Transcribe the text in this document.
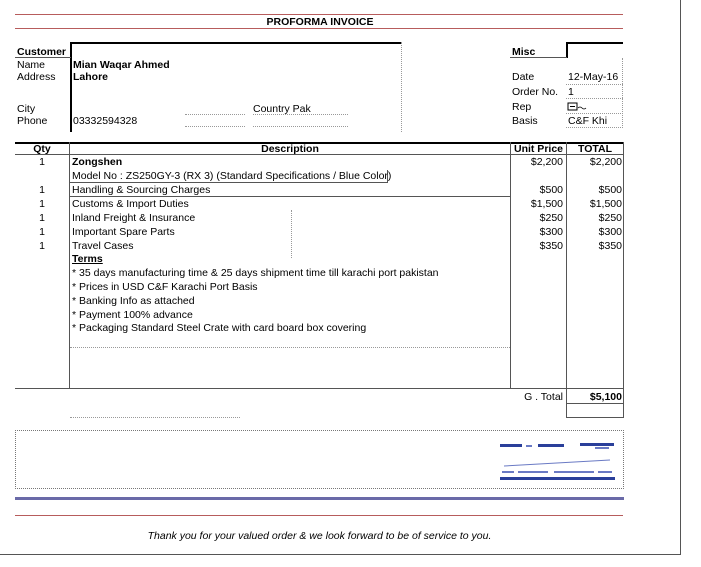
PROFORMA INVOICE
Customer
Name	Mian Waqar Ahmed
Address Lahore
City	Country Pak
Phone 03332594328
Misc
Date	12-May-16
Order No. 1
Rep
Basis	C&F Khi
Qty	Description	Unit Price	TOTAL
1	Zongshen	$2,200	$2,200
Model No : ZS250GY-3 (RX 3) (Standard Specifications / Blue Color)
1	Handling & Sourcing Charges	$500	$500
1	Customs & Import Duties	$1,500	$1,500
1	Inland Freight & Insurance	$250	$250
1	Important Spare Parts	$300	$300
1	Travel Cases	$350	$350
Terms
* 35 days manufacturing time & 25 days shipment time till karachi port pakistan
* Prices in USD C&F Karachi Port Basis
* Banking Info as attached
* Payment 100% advance
* Packaging Standard Steel Crate with card board box covering
G . Total	$5,100
Thank you for your valued order & we look forward to be of service to you.
